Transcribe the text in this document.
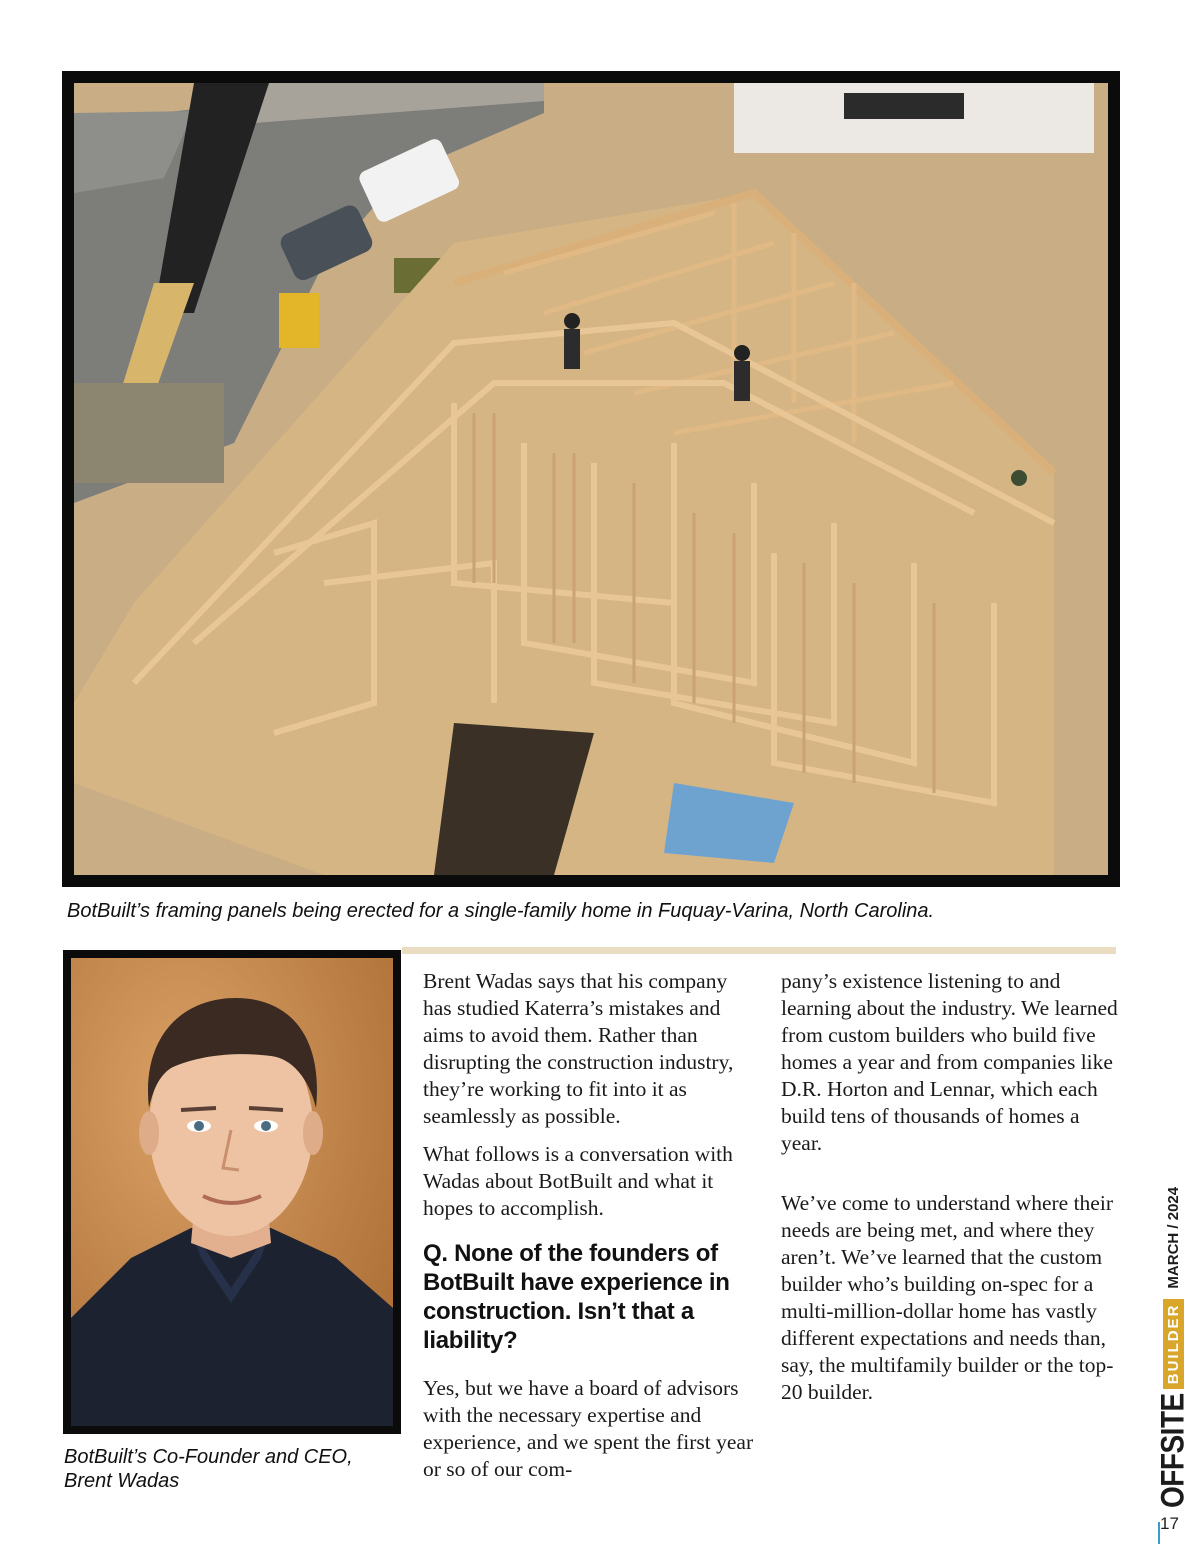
BotBuilt’s framing panels being erected for a single-family home in Fuquay-Varina, North Carolina.
BotBuilt’s Co-Founder and CEO, Brent Wadas

Brent Wadas says that his company has studied Katerra’s mistakes and aims to avoid them. Rather than disrupting the construction industry, they’re working to fit into it as seamlessly as possible.

What follows is a conversation with Wadas about BotBuilt and what it hopes to accomplish.

Q. None of the founders of BotBuilt have experience in construction. Isn’t that a liability?

Yes, but we have a board of advisors with the necessary expertise and experience, and we spent the first year or so of our com-

pany’s existence listening to and learning about the industry. We learned from custom builders who build five homes a year and from companies like D.R. Horton and Lennar, which each build tens of thousands of homes a year.

We’ve come to understand where their needs are being met, and where they aren’t. We’ve learned that the custom builder who’s building on-spec for a multi-million-dollar home has vastly different expectations and needs than, say, the multifamily builder or the top-20 builder.

OFFSITE
BUILDER
MARCH / 2024
17
